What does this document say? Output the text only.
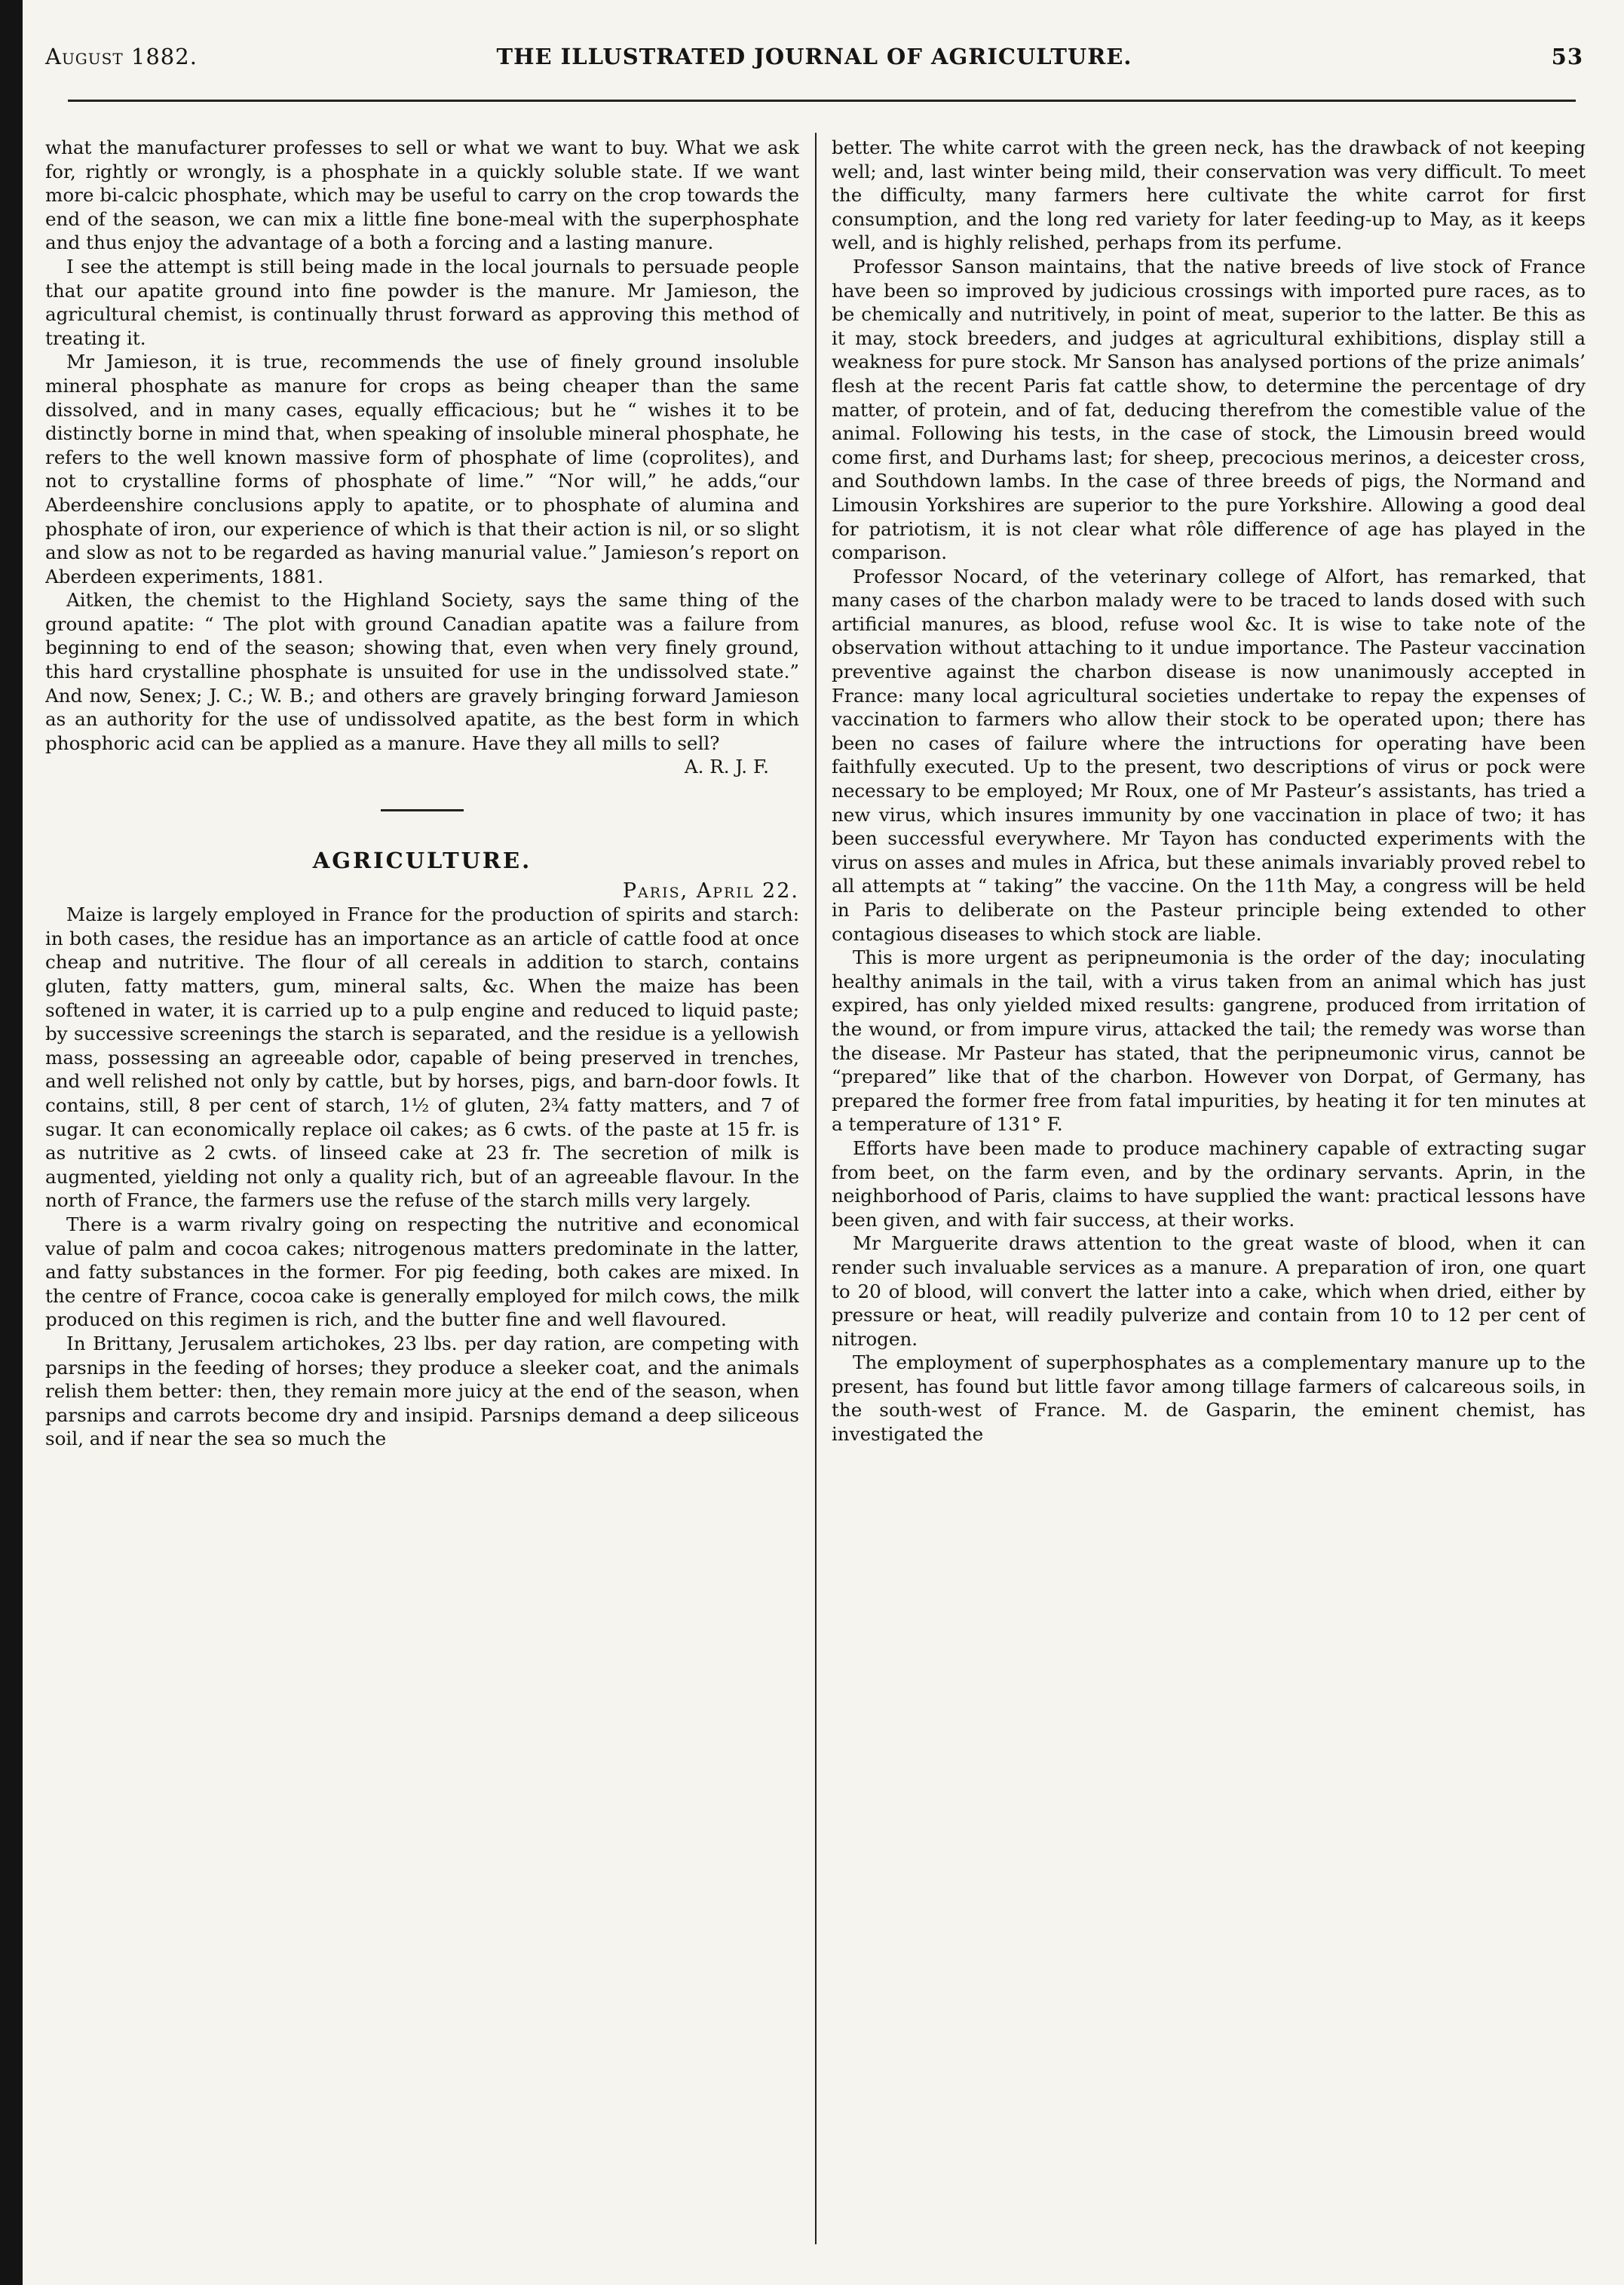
August 1882.	THE ILLUSTRATED JOURNAL OF AGRICULTURE.	53

what the manufacturer professes to sell or what we want to buy. What we ask for, rightly or wrongly, is a phosphate in a quickly soluble state. If we want more bi-calcic phosphate, which may be useful to carry on the crop towards the end of the season, we can mix a little fine bone-meal with the superphosphate and thus enjoy the advantage of a both a forcing and a lasting manure.

I see the attempt is still being made in the local journals to persuade people that our apatite ground into fine powder is the manure. Mr Jamieson, the agricultural chemist, is continually thrust forward as approving this method of treating it.

Mr Jamieson, it is true, recommends the use of finely ground insoluble mineral phosphate as manure for crops as being cheaper than the same dissolved, and in many cases, equally efficacious; but he “ wishes it to be distinctly borne in mind that, when speaking of insoluble mineral phosphate, he refers to the well known massive form of phosphate of lime (coprolites), and not to crystalline forms of phosphate of lime.” “Nor will,” he adds,“our Aberdeenshire conclusions apply to apatite, or to phosphate of alumina and phosphate of iron, our experience of which is that their action is nil, or so slight and slow as not to be regarded as having manurial value.” Jamieson’s report on Aberdeen experiments, 1881.

Aitken, the chemist to the Highland Society, says the same thing of the ground apatite: “ The plot with ground Canadian apatite was a failure from beginning to end of the season; showing that, even when very finely ground, this hard crystalline phosphate is unsuited for use in the undissolved state.” And now, Senex; J. C.; W. B.; and others are gravely bringing forward Jamieson as an authority for the use of undissolved apatite, as the best form in which phosphoric acid can be applied as a manure. Have they all mills to sell?

A. R. J. F.

AGRICULTURE.

Paris, April 22.

Maize is largely employed in France for the production of spirits and starch: in both cases, the residue has an importance as an article of cattle food at once cheap and nutritive. The flour of all cereals in addition to starch, contains gluten, fatty matters, gum, mineral salts, &c. When the maize has been softened in water, it is carried up to a pulp engine and reduced to liquid paste; by successive screenings the starch is separated, and the residue is a yellowish mass, possessing an agreeable odor, capable of being preserved in trenches, and well relished not only by cattle, but by horses, pigs, and barn-door fowls. It contains, still, 8 per cent of starch, 1½ of gluten, 2¾ fatty matters, and 7 of sugar. It can economically replace oil cakes; as 6 cwts. of the paste at 15 fr. is as nutritive as 2 cwts. of linseed cake at 23 fr. The secretion of milk is augmented, yielding not only a quality rich, but of an agreeable flavour. In the north of France, the farmers use the refuse of the starch mills very largely.

There is a warm rivalry going on respecting the nutritive and economical value of palm and cocoa cakes; nitrogenous matters predominate in the latter, and fatty substances in the former. For pig feeding, both cakes are mixed. In the centre of France, cocoa cake is generally employed for milch cows, the milk produced on this regimen is rich, and the butter fine and well flavoured.

In Brittany, Jerusalem artichokes, 23 lbs. per day ration, are competing with parsnips in the feeding of horses; they produce a sleeker coat, and the animals relish them better: then, they remain more juicy at the end of the season, when parsnips and carrots become dry and insipid. Parsnips demand a deep siliceous soil, and if near the sea so much the

better. The white carrot with the green neck, has the drawback of not keeping well; and, last winter being mild, their conservation was very difficult. To meet the difficulty, many farmers here cultivate the white carrot for first consumption, and the long red variety for later feeding-up to May, as it keeps well, and is highly relished, perhaps from its perfume.

Professor Sanson maintains, that the native breeds of live stock of France have been so improved by judicious crossings with imported pure races, as to be chemically and nutritively, in point of meat, superior to the latter. Be this as it may, stock breeders, and judges at agricultural exhibitions, display still a weakness for pure stock. Mr Sanson has analysed portions of the prize animals’ flesh at the recent Paris fat cattle show, to determine the percentage of dry matter, of protein, and of fat, deducing therefrom the comestible value of the animal. Following his tests, in the case of stock, the Limousin breed would come first, and Durhams last; for sheep, precocious merinos, a deicester cross, and Southdown lambs. In the case of three breeds of pigs, the Normand and Limousin Yorkshires are superior to the pure Yorkshire. Allowing a good deal for patriotism, it is not clear what rôle difference of age has played in the comparison.

Professor Nocard, of the veterinary college of Alfort, has remarked, that many cases of the charbon malady were to be traced to lands dosed with such artificial manures, as blood, refuse wool &c. It is wise to take note of the observation without attaching to it undue importance. The Pasteur vaccination preventive against the charbon disease is now unanimously accepted in France: many local agricultural societies undertake to repay the expenses of vaccination to farmers who allow their stock to be operated upon; there has been no cases of failure where the intructions for operating have been faithfully executed. Up to the present, two descriptions of virus or pock were necessary to be employed; Mr Roux, one of Mr Pasteur’s assistants, has tried a new virus, which insures immunity by one vaccination in place of two; it has been successful everywhere. Mr Tayon has conducted experiments with the virus on asses and mules in Africa, but these animals invariably proved rebel to all attempts at “ taking” the vaccine. On the 11th May, a congress will be held in Paris to deliberate on the Pasteur principle being extended to other contagious diseases to which stock are liable.

This is more urgent as peripneumonia is the order of the day; inoculating healthy animals in the tail, with a virus taken from an animal which has just expired, has only yielded mixed results: gangrene, produced from irritation of the wound, or from impure virus, attacked the tail; the remedy was worse than the disease. Mr Pasteur has stated, that the peripneumonic virus, cannot be “prepared” like that of the charbon. However von Dorpat, of Germany, has prepared the former free from fatal impurities, by heating it for ten minutes at a temperature of 131° F.

Efforts have been made to produce machinery capable of extracting sugar from beet, on the farm even, and by the ordinary servants. Aprin, in the neighborhood of Paris, claims to have supplied the want: practical lessons have been given, and with fair success, at their works.

Mr Marguerite draws attention to the great waste of blood, when it can render such invaluable services as a manure. A preparation of iron, one quart to 20 of blood, will convert the latter into a cake, which when dried, either by pressure or heat, will readily pulverize and contain from 10 to 12 per cent of nitrogen.

The employment of superphosphates as a complementary manure up to the present, has found but little favor among tillage farmers of calcareous soils, in the south-west of France. M. de Gasparin, the eminent chemist, has investigated the
